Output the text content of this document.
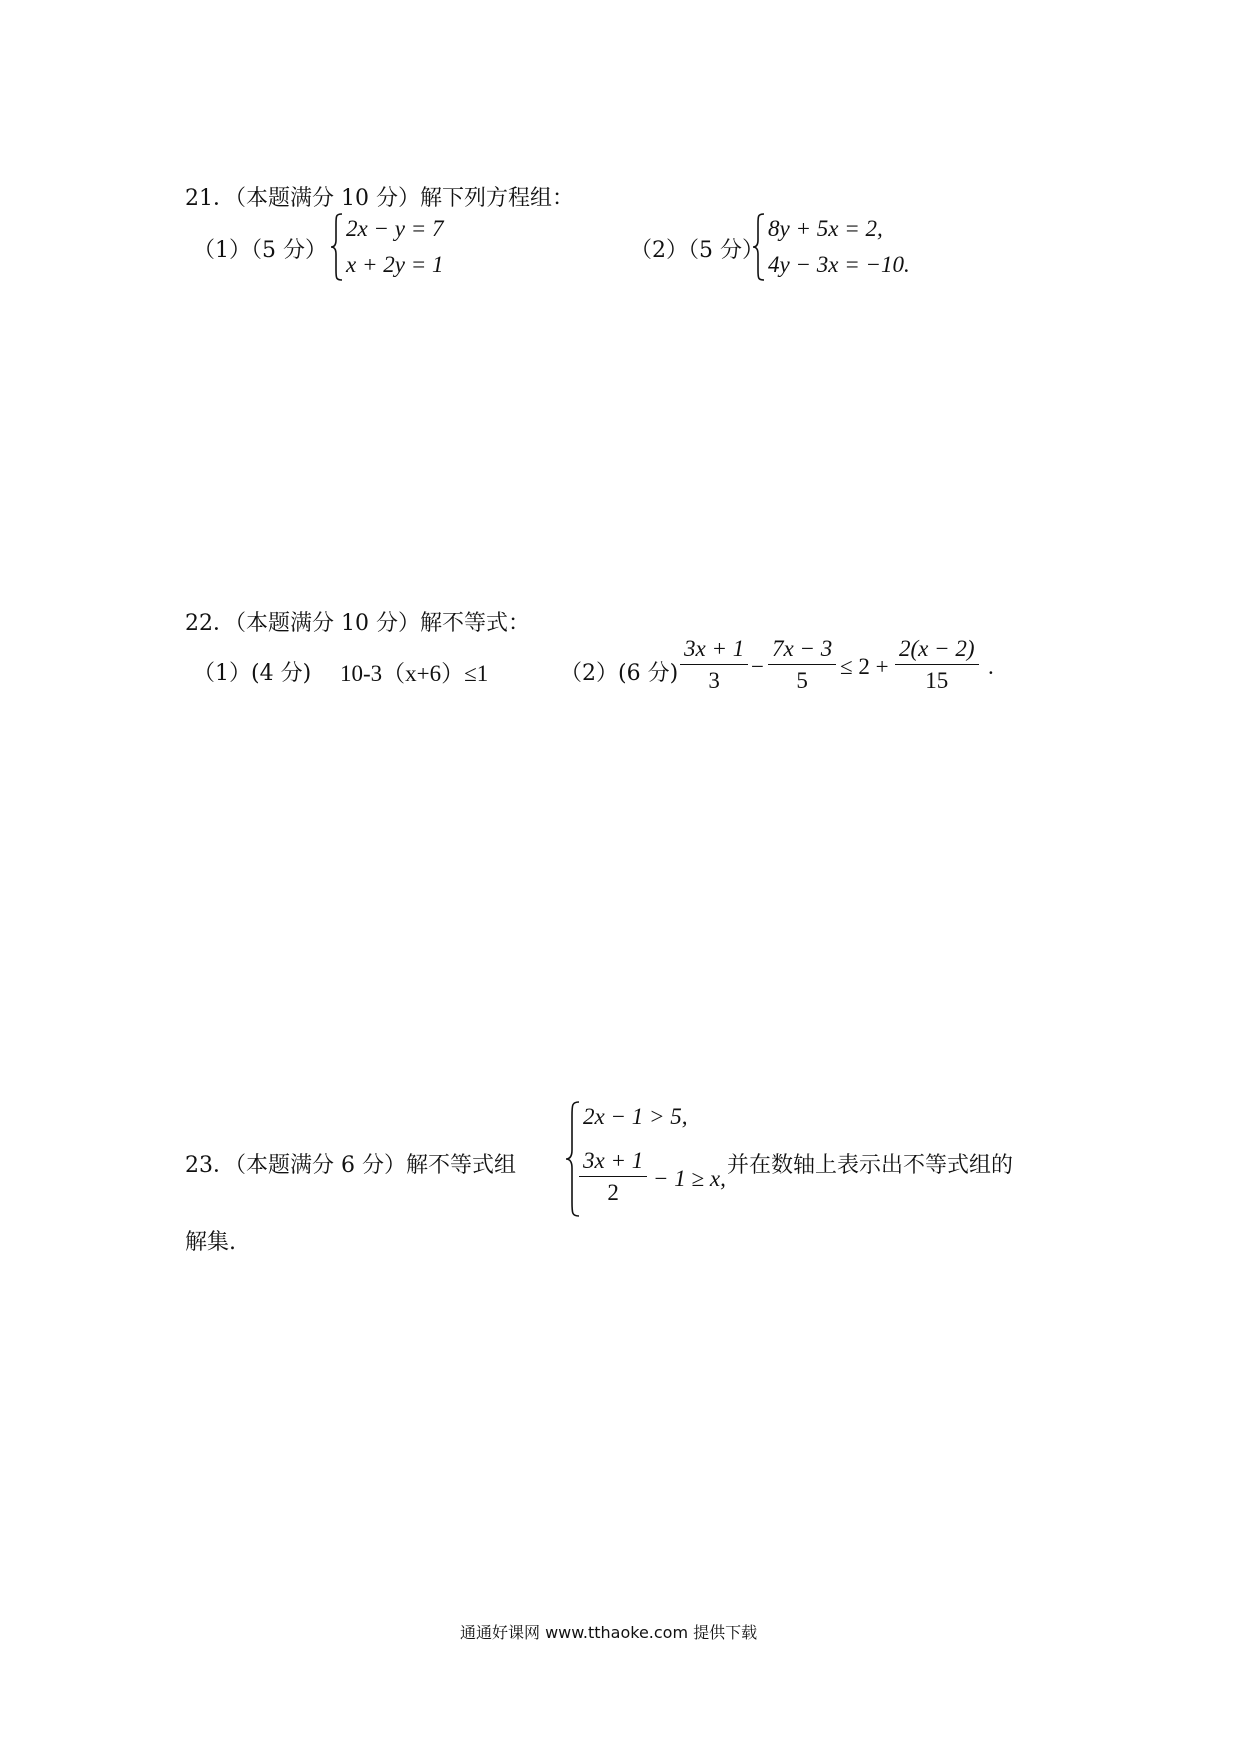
21．（本题满分 10 分）解下列方程组：
（1）（5 分）
2x − y = 7
x + 2y = 1
（2）（5 分）
8y + 5x = 2,
4y − 3x = −10.
22．（本题满分 10 分）解不等式：
（1）(4 分) 10-3（x+6）≤1	（2）(6 分) $\frac{3x + 1}{3} - \frac{7x - 3}{5} \le 2 + \frac{2(x - 2)}{15}$ .
23．（本题满分 6 分）解不等式组
2x − 1 > 5,
$\frac{3x + 1}{2} - 1 \ge x$,
并在数轴上表示出不等式组的
解集.
通通好课网 www.tthaoke.com 提供下载
